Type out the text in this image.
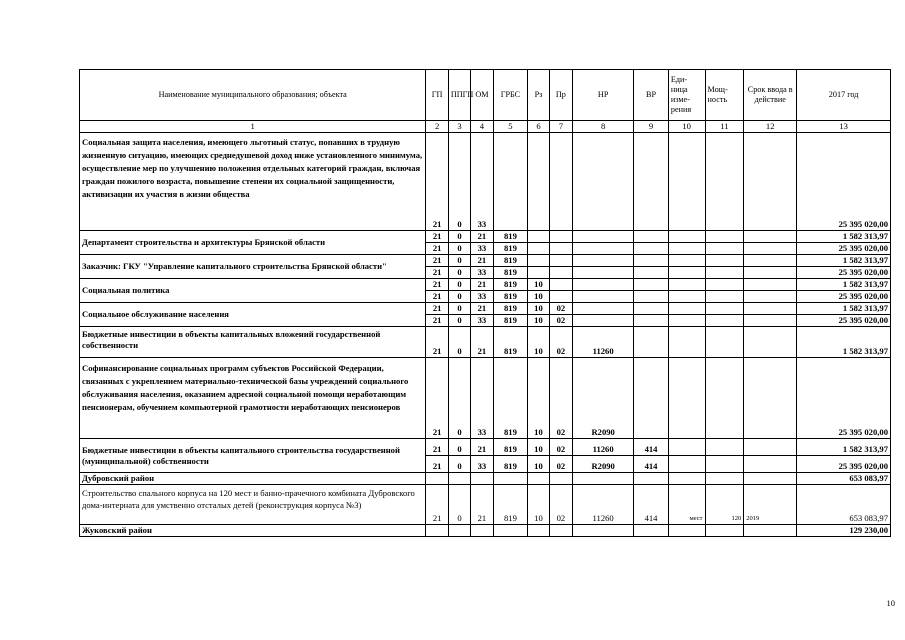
Наименование муниципального образования; объекта	ГП	ППГП	ОМ	ГРБС	Рз	Пр	НР	ВР	Еди-ница изме-рения	Мощ-ность	Срок ввода в действие	2017 год
1	2	3	4	5	6	7	8	9	10	11	12	13
Социальная защита населения, имеющего льготный статус, попавших в трудную жизненную ситуацию, имеющих среднедушевой доход ниже установленного минимума, осуществление мер по улучшению положения отдельных категорий граждан, включая граждан пожилого возраста, повышение степени их социальной защищенности, активизации их участия в жизни общества	21	0	33									25 395 020,00
Департамент строительства и архитектуры Брянской области	21	0	21	819								1 582 313,97
	21	0	33	819								25 395 020,00
Заказчик: ГКУ "Управление капитального строительства Брянской области"	21	0	21	819								1 582 313,97
	21	0	33	819								25 395 020,00
Социальная политика	21	0	21	819	10							1 582 313,97
	21	0	33	819	10							25 395 020,00
Социальное обслуживание населения	21	0	21	819	10	02						1 582 313,97
	21	0	33	819	10	02						25 395 020,00
Бюджетные инвестиции в объекты капитальных вложений государственной собственности	21	0	21	819	10	02	11260					1 582 313,97
Софинансирование социальных программ субъектов Российской Федерации, связанных с укреплением материально-технической базы учреждений социального обслуживания населения, оказанием адресной социальной помощи неработающим пенсионерам, обучением компьютерной грамотности неработающих пенсионеров	21	0	33	819	10	02	R2090					25 395 020,00
Бюджетные инвестиции в объекты капитального строительства государственной (муниципальной) собственности	21	0	21	819	10	02	11260	414				1 582 313,97
	21	0	33	819	10	02	R2090	414				25 395 020,00
Дубровский район												653 083,97
Строительство спального корпуса на 120 мест и банно-прачечного комбината Дубровского дома-интерната для умственно отсталых детей (реконструкция корпуса №3)	21	0	21	819	10	02	11260	414	мест	120	2019	653 083,97
Жуковский район												129 230,00
10
